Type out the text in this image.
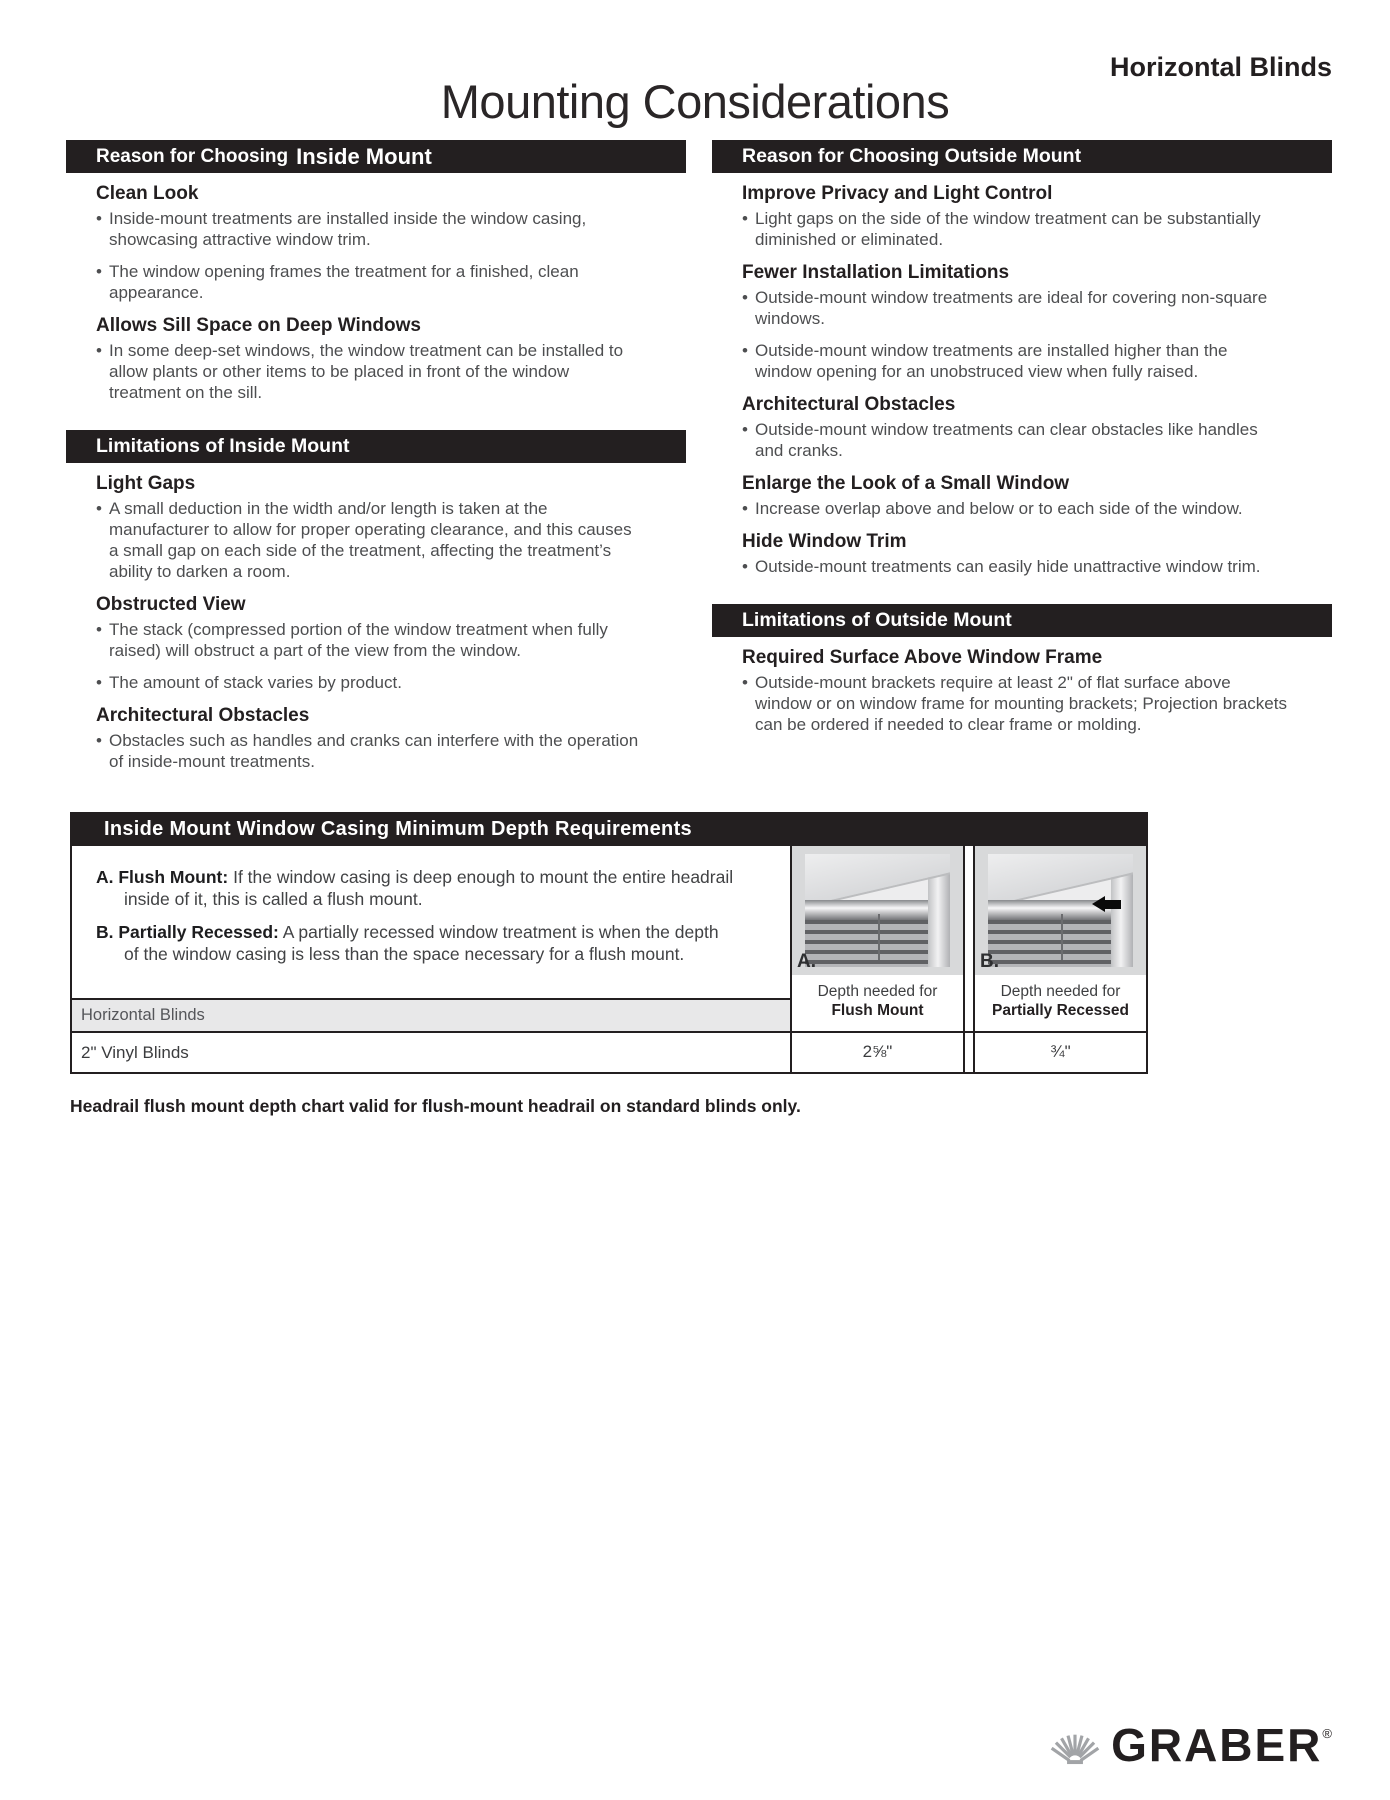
Horizontal Blinds
Mounting Considerations
Reason for Choosing Inside Mount
Clean Look
• Inside-mount treatments are installed inside the window casing, showcasing attractive window trim.
• The window opening frames the treatment for a finished, clean appearance.
Allows Sill Space on Deep Windows
• In some deep-set windows, the window treatment can be installed to allow plants or other items to be placed in front of the window treatment on the sill.
Limitations of Inside Mount
Light Gaps
• A small deduction in the width and/or length is taken at the manufacturer to allow for proper operating clearance, and this causes a small gap on each side of the treatment, affecting the treatment’s ability to darken a room.
Obstructed View
• The stack (compressed portion of the window treatment when fully raised) will obstruct a part of the view from the window.
• The amount of stack varies by product.
Architectural Obstacles
• Obstacles such as handles and cranks can interfere with the operation of inside-mount treatments.
Reason for Choosing Outside Mount
Improve Privacy and Light Control
• Light gaps on the side of the window treatment can be substantially diminished or eliminated.
Fewer Installation Limitations
• Outside-mount window treatments are ideal for covering non-square windows.
• Outside-mount window treatments are installed higher than the window opening for an unobstruced view when fully raised.
Architectural Obstacles
• Outside-mount window treatments can clear obstacles like handles and cranks.
Enlarge the Look of a Small Window
• Increase overlap above and below or to each side of the window.
Hide Window Trim
• Outside-mount treatments can easily hide unattractive window trim.
Limitations of Outside Mount
Required Surface Above Window Frame
• Outside-mount brackets require at least 2" of flat surface above window or on window frame for mounting brackets; Projection brackets can be ordered if needed to clear frame or molding.
Inside Mount Window Casing Minimum Depth Requirements

A. Flush Mount: If the window casing is deep enough to mount the entire headrail inside of it, this is called a flush mount.

B. Partially Recessed: A partially recessed window treatment is when the depth of the window casing is less than the space necessary for a flush mount.

Horizontal Blinds
2" Vinyl Blinds
A.
Depth needed for
Flush Mount
2⅝"
B.
Depth needed for
Partially Recessed
¾"

Headrail flush mount depth chart valid for flush-mount headrail on standard blinds only.

GRABER ®
